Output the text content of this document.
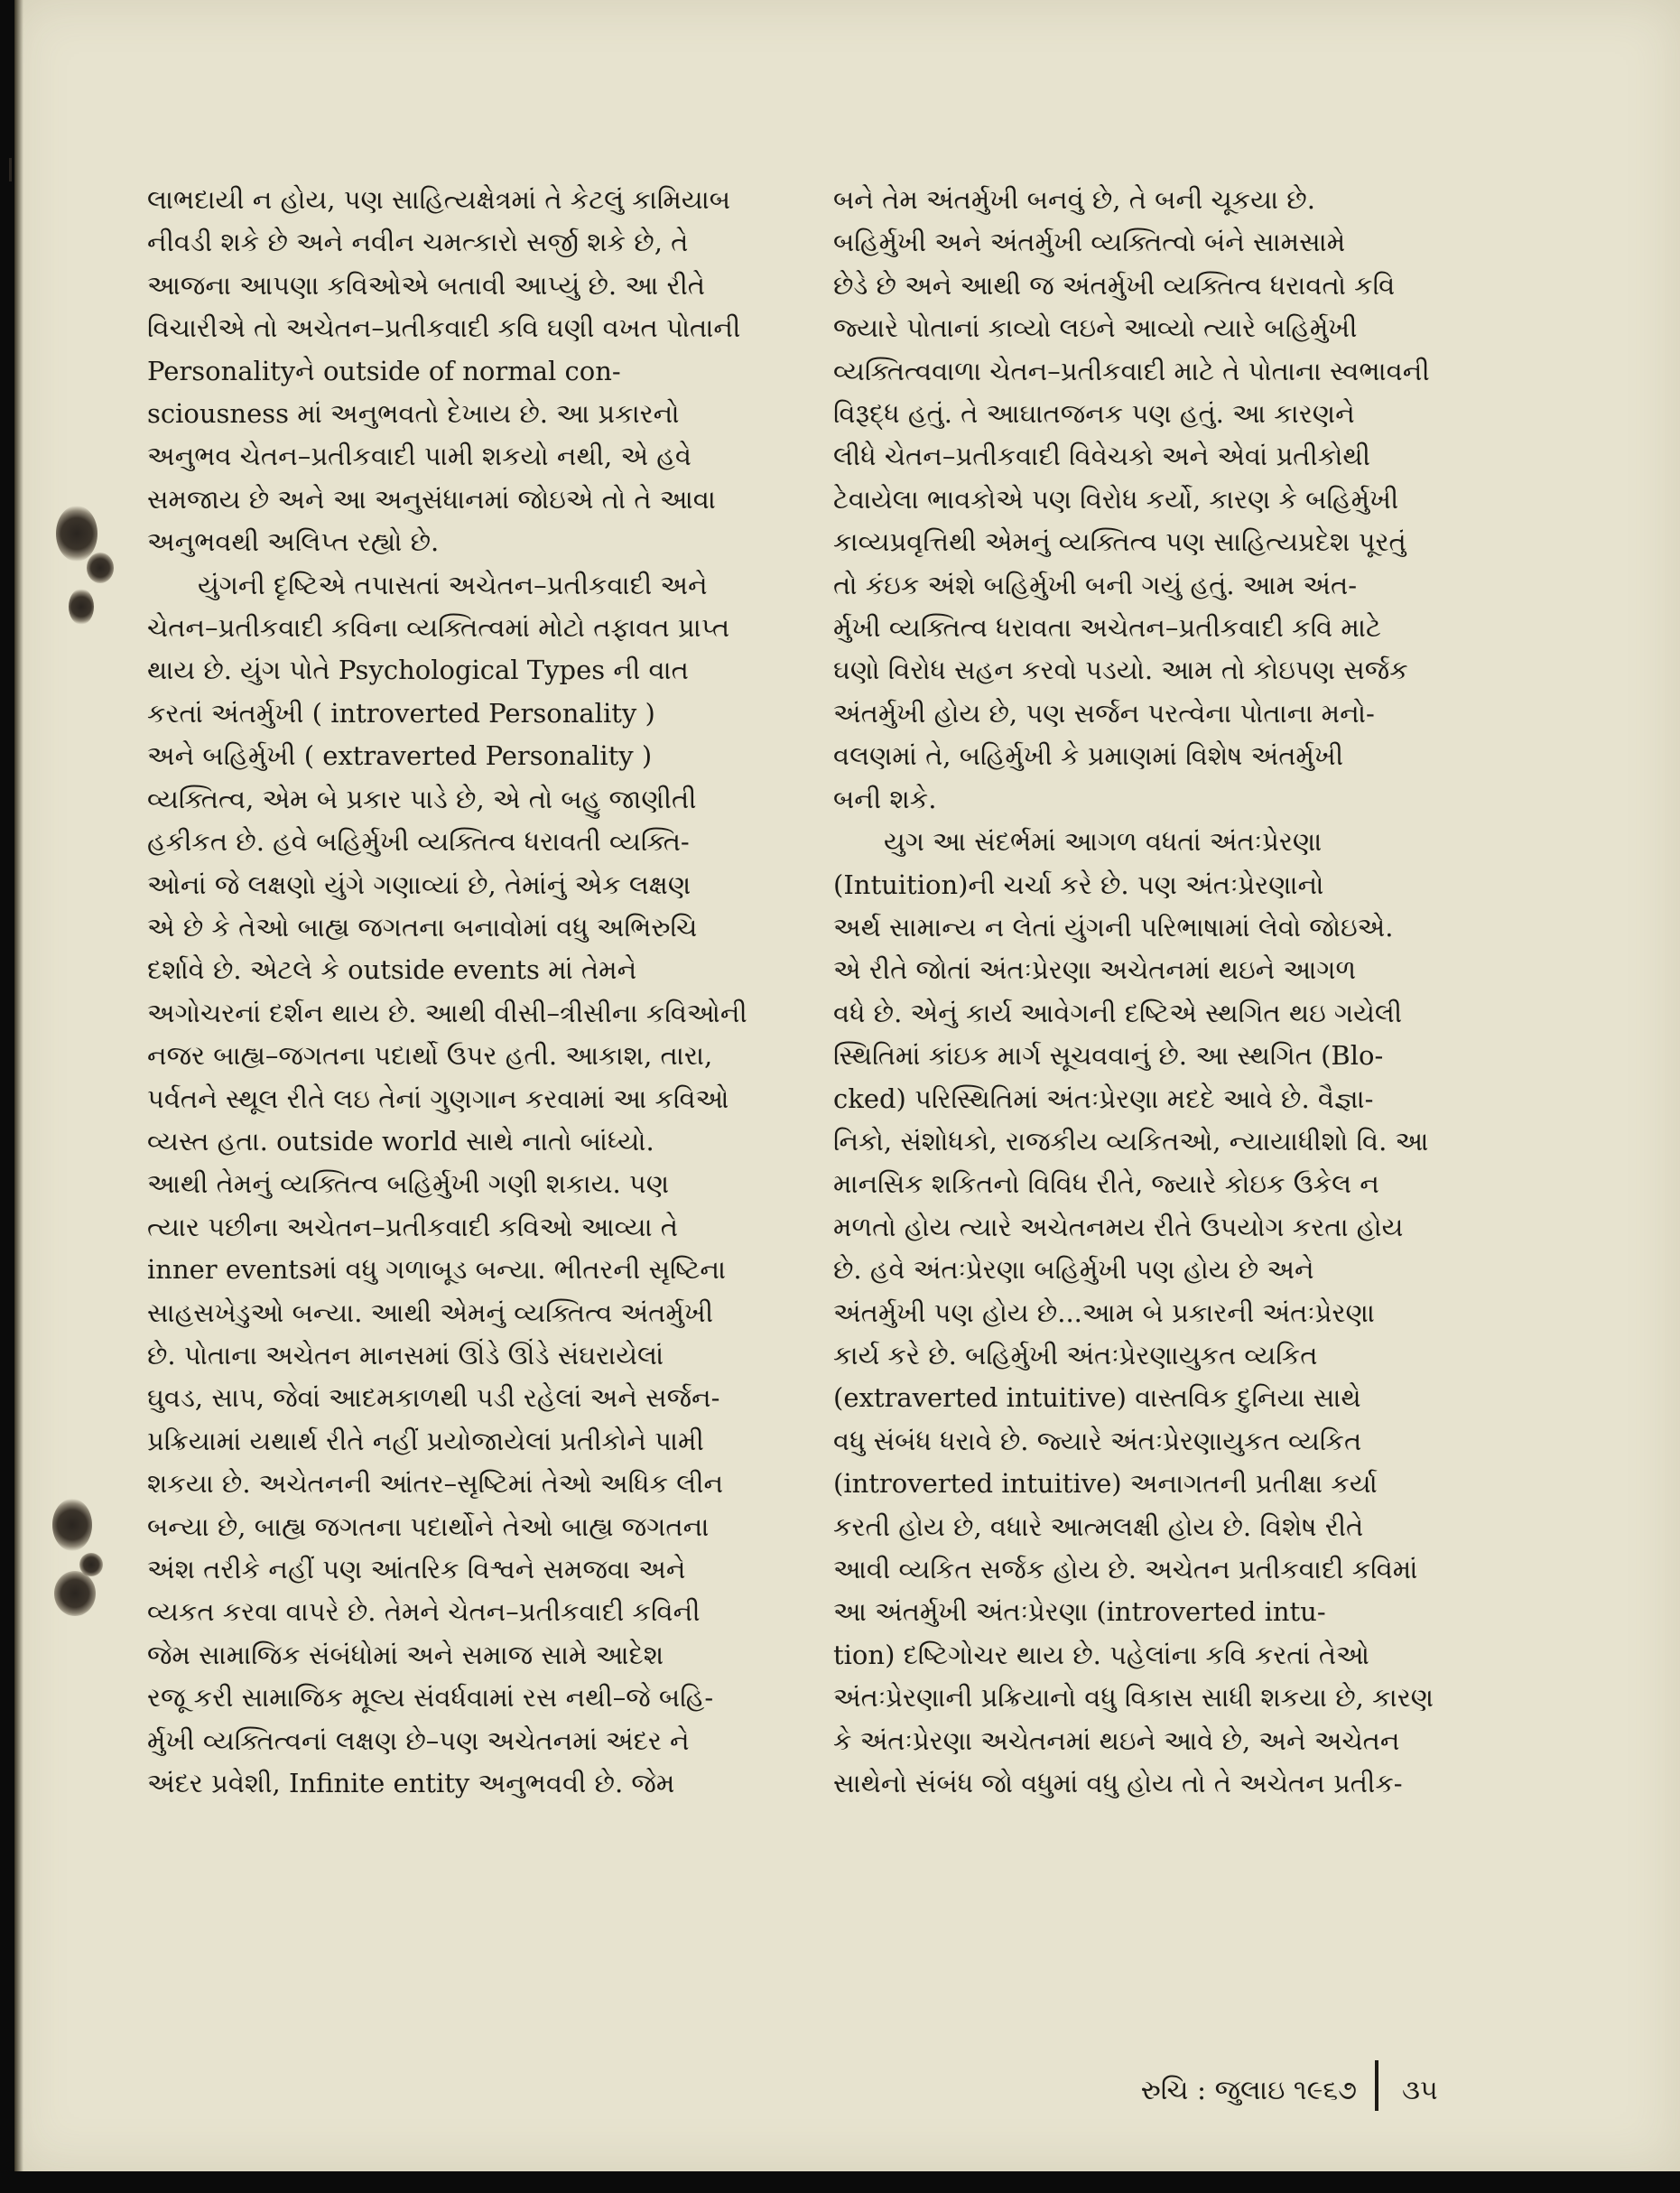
લાભદાયી ન હોય, પણ સાહિત્યક્ષેત્રમાં તે કેટલું કામિયાબ
નીવડી શકે છે અને નવીન ચમત્કારો સર્જી શકે છે, તે
આજના આપણા કવિઓએ બતાવી આપ્યું છે. આ રીતે
વિચારીએ તો અચેતન–પ્રતીકવાદી કવિ ઘણી વખત પોતાની
Personalityને outside of normal con-
sciousness માં અનુભવતો દેખાય છે. આ પ્રકારનો
અનુભવ ચેતન–પ્રતીકવાદી પામી શકયો નથી, એ હવે
સમજાય છે અને આ અનુસંધાનમાં જોઇએ તો તે આવા
અનુભવથી અલિપ્ત રહ્યો છે.

યુંગની દૃષ્ટિએ તપાસતાં અચેતન–પ્રતીકવાદી અને
ચેતન–પ્રતીકવાદી કવિના વ્યક્તિત્વમાં મોટો તફાવત પ્રાપ્ત
થાય છે. યુંગ પોતે Psychological Types ની વાત
કરતાં અંતર્મુખી ( introverted Personality )
અને બહિર્મુખી ( extraverted Personality )
વ્યક્તિત્વ, એમ બે પ્રકાર પાડે છે, એ તો બહુ જાણીતી
હકીકત છે. હવે બહિર્મુખી વ્યક્તિત્વ ધરાવતી વ્યક્તિ-
ઓનાં જે લક્ષણો યુંગે ગણાવ્યાં છે, તેમાંનું એક લક્ષણ
એ છે કે તેઓ બાહ્ય જગતના બનાવોમાં વધુ અભિરુચિ
દર્શાવે છે. એટલે કે outside events માં તેમને
અગોચરનાં દર્શન થાય છે. આથી વીસી–ત્રીસીના કવિઓની
નજર બાહ્ય–જગતના પદાર્થો ઉપર હતી. આકાશ, તારા,
પર્વતને સ્થૂલ રીતે લઇ તેનાં ગુણગાન કરવામાં આ કવિઓ
વ્યસ્ત હતા. outside world સાથે નાતો બાંધ્યો.
આથી તેમનું વ્યક્તિત્વ બહિર્મુખી ગણી શકાય. પણ
ત્યાર પછીના અચેતન–પ્રતીકવાદી કવિઓ આવ્યા તે
inner eventsમાં વધુ ગળાબૂડ બન્યા. ભીતરની સૃષ્ટિના
સાહસખેડુઓ બન્યા. આથી એમનું વ્યક્તિત્વ અંતર્મુખી
છે. પોતાના અચેતન માનસમાં ઊંડે ઊંડે સંઘરાયેલાં
ઘુવડ, સાપ, જેવાં આદમકાળથી પડી રહેલાં અને સર્જન-
પ્રક્રિયામાં યથાર્થ રીતે નહીં પ્રયોજાયેલાં પ્રતીકોને પામી
શકયા છે. અચેતનની આંતર–સૃષ્ટિમાં તેઓ અધિક લીન
બન્યા છે, બાહ્ય જગતના પદાર્થોને તેઓ બાહ્ય જગતના
અંશ તરીકે નહીં પણ આંતરિક વિશ્વને સમજવા અને
વ્યકત કરવા વાપરે છે. તેમને ચેતન–પ્રતીકવાદી કવિની
જેમ સામાજિક સંબંધોમાં અને સમાજ સામે આદેશ
રજૂ કરી સામાજિક મૂલ્ય સંવર્ધવામાં રસ નથી–જે બહિ-
ર્મુખી વ્યક્તિત્વનાં લક્ષણ છે–પણ અચેતનમાં અંદર ને
અંદર પ્રવેશી, Infinite entity અનુભવવી છે. જેમ

બને તેમ અંતર્મુખી બનવું છે, તે બની ચૂકયા છે.
બહિર્મુખી અને અંતર્મુખી વ્યક્તિત્વો બંને સામસામે
છેડે છે અને આથી જ અંતર્મુખી વ્યક્તિત્વ ધરાવતો કવિ
જ્યારે પોતાનાં કાવ્યો લઇને આવ્યો ત્યારે બહિર્મુખી
વ્યક્તિત્વવાળા ચેતન–પ્રતીકવાદી માટે તે પોતાના સ્વભાવની
વિરૂદ્ધ હતું. તે આઘાતજનક પણ હતું. આ કારણને
લીધે ચેતન–પ્રતીકવાદી વિવેચકો અને એવાં પ્રતીકોથી
ટેવાયેલા ભાવકોએ પણ વિરોધ કર્યો, કારણ કે બહિર્મુખી
કાવ્યપ્રવૃત્તિથી એમનું વ્યક્તિત્વ પણ સાહિત્યપ્રદેશ પૂરતું
તો કંઇક અંશે બહિર્મુખી બની ગયું હતું. આમ અંત-
ર્મુખી વ્યક્તિત્વ ધરાવતા અચેતન–પ્રતીકવાદી કવિ માટે
ઘણો વિરોધ સહન કરવો પડયો. આમ તો કોઇપણ સર્જક
અંતર્મુખી હોય છે, પણ સર્જન પરત્વેના પોતાના મનો-
વલણમાં તે, બહિર્મુખી કે પ્રમાણમાં વિશેષ અંતર્મુખી
બની શકે.

યુગ આ સંદર્ભમાં આગળ વધતાં અંતઃપ્રેરણા
(Intuition)ની ચર્ચા કરે છે. પણ અંતઃપ્રેરણાનો
અર્થ સામાન્ય ન લેતાં યુંગની પરિભાષામાં લેવો જોઇએ.
એ રીતે જોતાં અંતઃપ્રેરણા અચેતનમાં થઇને આગળ
વધે છે. એનું કાર્ય આવેગની દષ્ટિએ સ્થગિત થઇ ગયેલી
સ્થિતિમાં કાંઇક માર્ગ સૂચવવાનું છે. આ સ્થગિત (Blo-
cked) પરિસ્થિતિમાં અંતઃપ્રેરણા મદદે આવે છે. વૈજ્ઞા-
નિકો, સંશોધકો, રાજકીય વ્યકિતઓ, ન્યાયાધીશો વિ. આ
માનસિક શકિતનો વિવિધ રીતે, જ્યારે કોઇક ઉકેલ ન
મળતો હોય ત્યારે અચેતનમય રીતે ઉપયોગ કરતા હોય
છે. હવે અંતઃપ્રેરણા બહિર્મુખી પણ હોય છે અને
અંતર્મુખી પણ હોય છે...આમ બે પ્રકારની અંતઃપ્રેરણા
કાર્ય કરે છે. બહિર્મુખી અંતઃપ્રેરણાયુકત વ્યકિત
(extraverted intuitive) વાસ્તવિક દુનિયા સાથે
વધુ સંબંધ ધરાવે છે. જ્યારે અંતઃપ્રેરણાયુકત વ્યકિત
(introverted intuitive) અનાગતની પ્રતીક્ષા કર્યા
કરતી હોય છે, વધારે આત્મલક્ષી હોય છે. વિશેષ રીતે
આવી વ્યકિત સર્જક હોય છે. અચેતન પ્રતીકવાદી કવિમાં
આ અંતર્મુખી અંતઃપ્રેરણા (introverted intu-
tion) દષ્ટિગોચર થાય છે. પહેલાંના કવિ કરતાં તેઓ
અંતઃપ્રેરણાની પ્રક્રિયાનો વધુ વિકાસ સાધી શકયા છે, કારણ
કે અંતઃપ્રેરણા અચેતનમાં થઇને આવે છે, અને અચેતન
સાથેનો સંબંધ જો વધુમાં વધુ હોય તો તે અચેતન પ્રતીક-

રુચિ : જુલાઇ ૧૯૬૭ ૩૫
